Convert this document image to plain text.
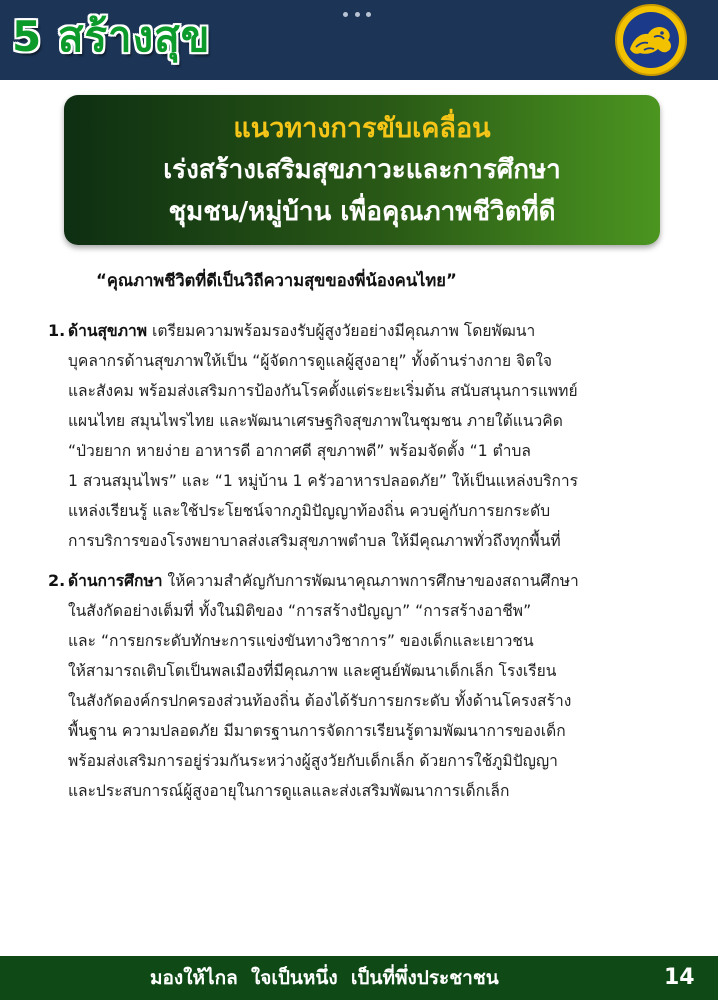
5 สร้างสุข
แนวทางการขับเคลื่อน
เร่งสร้างเสริมสุขภาวะและการศึกษา
ชุมชน/หมู่บ้าน เพื่อคุณภาพชีวิตที่ดี
“คุณภาพชีวิตที่ดีเป็นวิถีความสุขของพี่น้องคนไทย”
1. ด้านสุขภาพ เตรียมความพร้อมรองรับผู้สูงวัยอย่างมีคุณภาพ โดยพัฒนา
บุคลากรด้านสุขภาพให้เป็น “ผู้จัดการดูแลผู้สูงอายุ” ทั้งด้านร่างกาย จิตใจ
และสังคม พร้อมส่งเสริมการป้องกันโรคตั้งแต่ระยะเริ่มต้น สนับสนุนการแพทย์
แผนไทย สมุนไพรไทย และพัฒนาเศรษฐกิจสุขภาพในชุมชน ภายใต้แนวคิด
“ป่วยยาก หายง่าย อาหารดี อากาศดี สุขภาพดี” พร้อมจัดตั้ง “1 ตำบล
1 สวนสมุนไพร” และ “1 หมู่บ้าน 1 ครัวอาหารปลอดภัย” ให้เป็นแหล่งบริการ
แหล่งเรียนรู้ และใช้ประโยชน์จากภูมิปัญญาท้องถิ่น ควบคู่กับการยกระดับ
การบริการของโรงพยาบาลส่งเสริมสุขภาพตำบล ให้มีคุณภาพทั่วถึงทุกพื้นที่
2. ด้านการศึกษา ให้ความสำคัญกับการพัฒนาคุณภาพการศึกษาของสถานศึกษา
ในสังกัดอย่างเต็มที่ ทั้งในมิติของ “การสร้างปัญญา” “การสร้างอาชีพ”
และ “การยกระดับทักษะการแข่งขันทางวิชาการ” ของเด็กและเยาวชน
ให้สามารถเติบโตเป็นพลเมืองที่มีคุณภาพ และศูนย์พัฒนาเด็กเล็ก โรงเรียน
ในสังกัดองค์กรปกครองส่วนท้องถิ่น ต้องได้รับการยกระดับ ทั้งด้านโครงสร้าง
พื้นฐาน ความปลอดภัย มีมาตรฐานการจัดการเรียนรู้ตามพัฒนาการของเด็ก
พร้อมส่งเสริมการอยู่ร่วมกันระหว่างผู้สูงวัยกับเด็กเล็ก ด้วยการใช้ภูมิปัญญา
และประสบการณ์ผู้สูงอายุในการดูแลและส่งเสริมพัฒนาการเด็กเล็ก
มองให้ไกล  ใจเป็นหนึ่ง  เป็นที่พึ่งประชาชน	14
